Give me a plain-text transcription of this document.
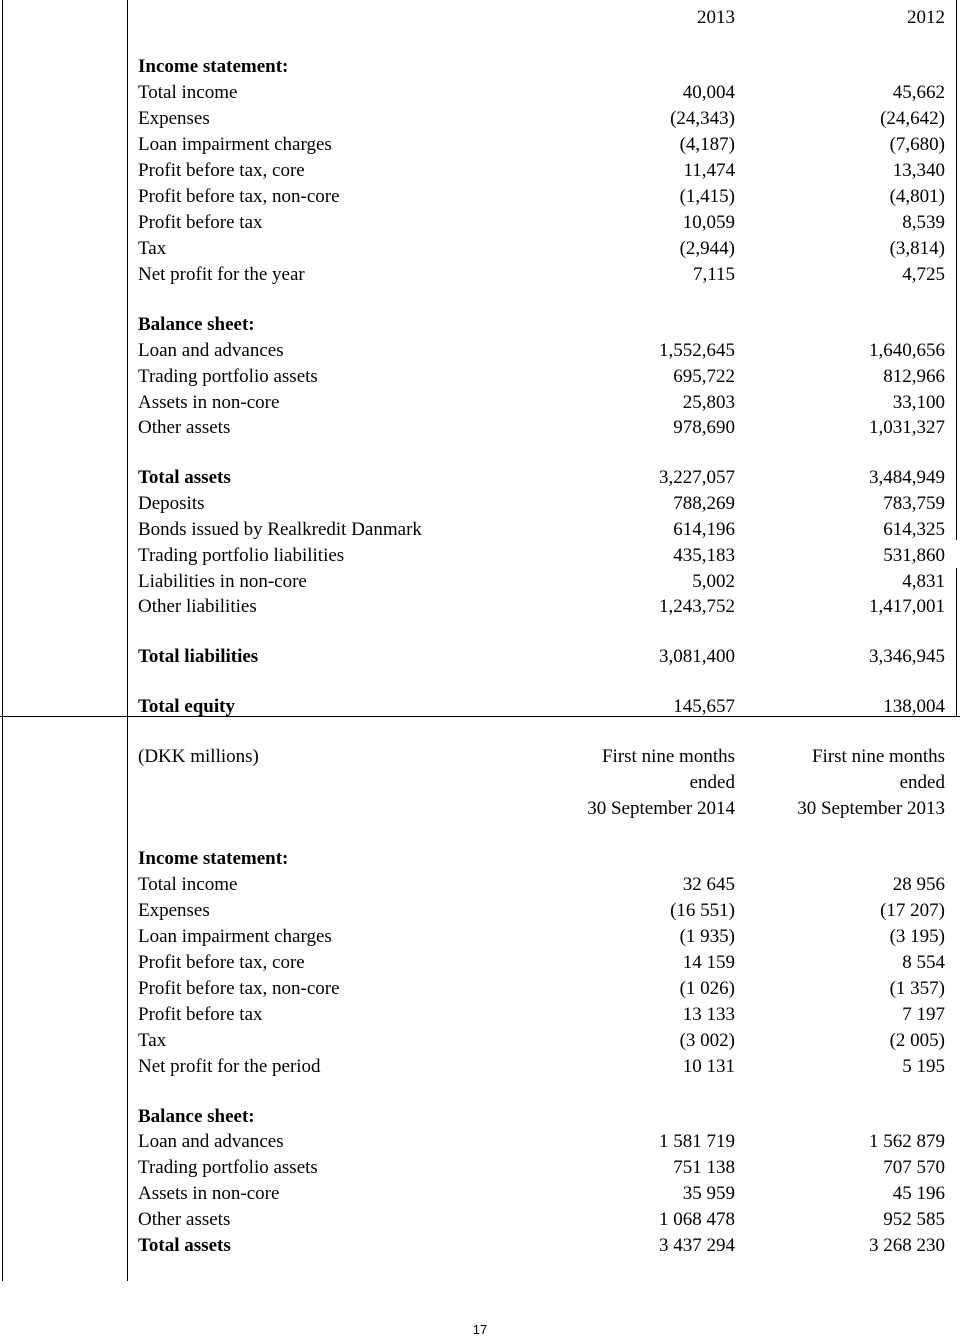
2013	2012
Income statement:
Total income	40,004	45,662
Expenses	(24,343)	(24,642)
Loan impairment charges	(4,187)	(7,680)
Profit before tax, core	11,474	13,340
Profit before tax, non-core	(1,415)	(4,801)
Profit before tax	10,059	8,539
Tax	(2,944)	(3,814)
Net profit for the year	7,115	4,725
Balance sheet:
Loan and advances	1,552,645	1,640,656
Trading portfolio assets	695,722	812,966
Assets in non-core	25,803	33,100
Other assets	978,690	1,031,327
Total assets	3,227,057	3,484,949
Deposits	788,269	783,759
Bonds issued by Realkredit Danmark	614,196	614,325
Trading portfolio liabilities	435,183	531,860
Liabilities in non-core	5,002	4,831
Other liabilities	1,243,752	1,417,001
Total liabilities	3,081,400	3,346,945
Total equity	145,657	138,004
(DKK millions)	First nine months	First nine months
ended	ended
30 September 2014	30 September 2013
Income statement:
Total income	32 645	28 956
Expenses	(16 551)	(17 207)
Loan impairment charges	(1 935)	(3 195)
Profit before tax, core	14 159	8 554
Profit before tax, non-core	(1 026)	(1 357)
Profit before tax	13 133	7 197
Tax	(3 002)	(2 005)
Net profit for the period	10 131	5 195
Balance sheet:
Loan and advances	1 581 719	1 562 879
Trading portfolio assets	751 138	707 570
Assets in non-core	35 959	45 196
Other assets	1 068 478	952 585
Total assets	3 437 294	3 268 230
17
